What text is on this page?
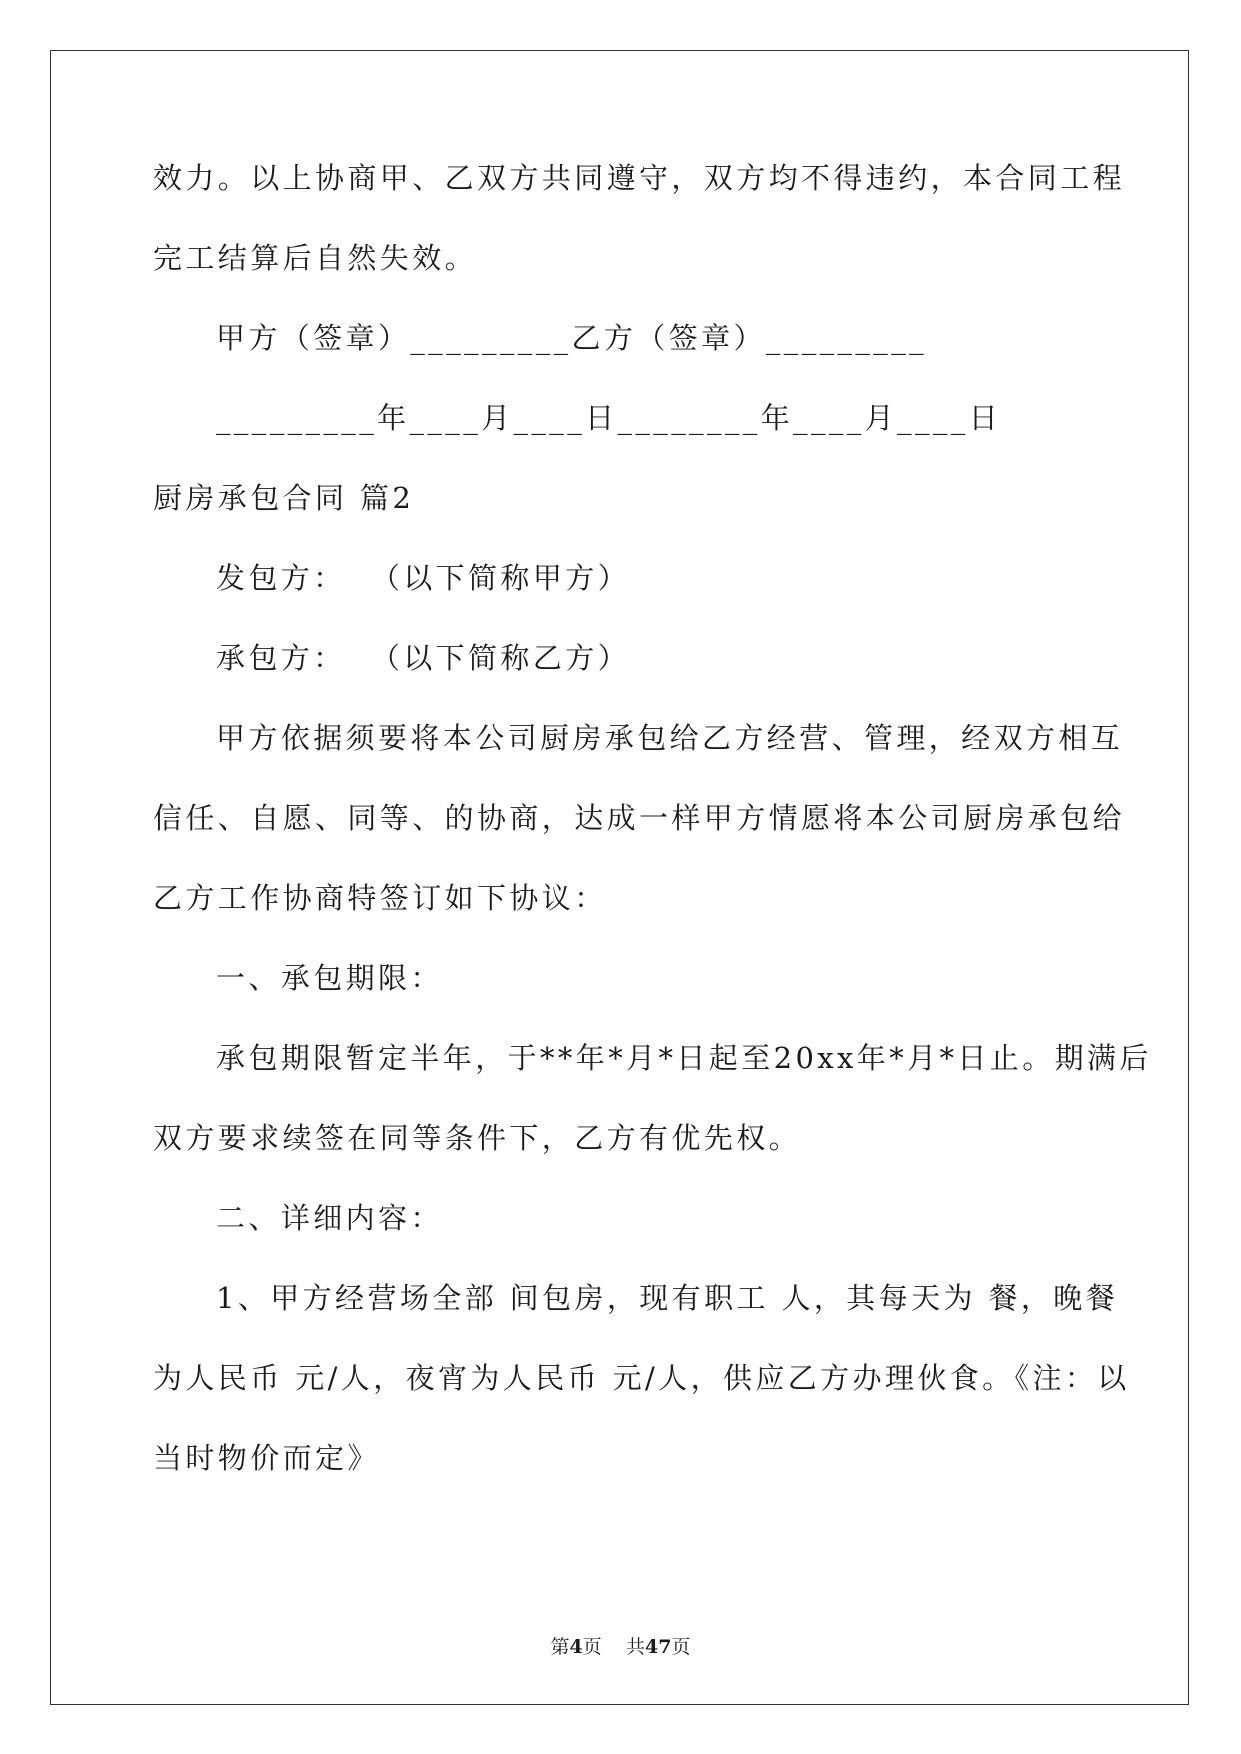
效力。以上协商甲、乙双方共同遵守，双方均不得违约，本合同工程
完工结算后自然失效。
甲方（签章）_________乙方（签章）_________
_________年____月____日________年____月____日
厨房承包合同 篇2
发包方：  （以下简称甲方）
承包方：  （以下简称乙方）
甲方依据须要将本公司厨房承包给乙方经营、管理，经双方相互
信任、自愿、同等、的协商，达成一样甲方情愿将本公司厨房承包给
乙方工作协商特签订如下协议：
一、承包期限：
承包期限暂定半年，于**年*月*日起至20xx年*月*日止。期满后
双方要求续签在同等条件下，乙方有优先权。
二、详细内容：
1、甲方经营场全部 间包房，现有职工 人，其每天为 餐，晚餐
为人民币 元/人，夜宵为人民币 元/人，供应乙方办理伙食。《注：以
当时物价而定》
第4页 共47页
